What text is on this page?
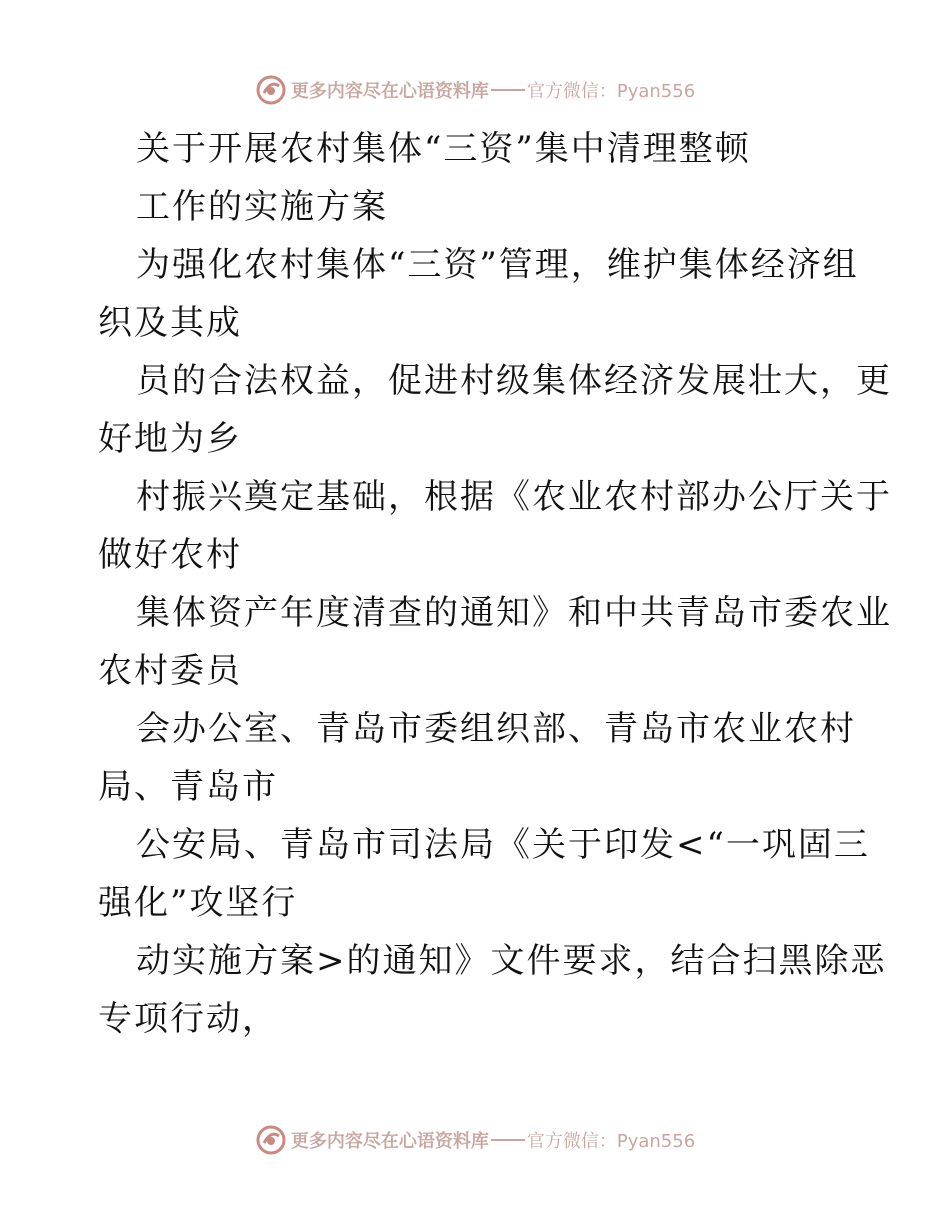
更多内容尽在心语资料库 官方微信：Pyan556
关于开展农村集体“三资”集中清理整顿
工作的实施方案
为强化农村集体“三资”管理，维护集体经济组
织及其成
员的合法权益，促进村级集体经济发展壮大，更
好地为乡
村振兴奠定基础，根据《农业农村部办公厅关于
做好农村
集体资产年度清查的通知》和中共青岛市委农业
农村委员
会办公室、青岛市委组织部、青岛市农业农村
局、青岛市
公安局、青岛市司法局《关于印发<“一巩固三
强化”攻坚行
动实施方案>的通知》文件要求，结合扫黑除恶
专项行动，
更多内容尽在心语资料库 官方微信：Pyan556
